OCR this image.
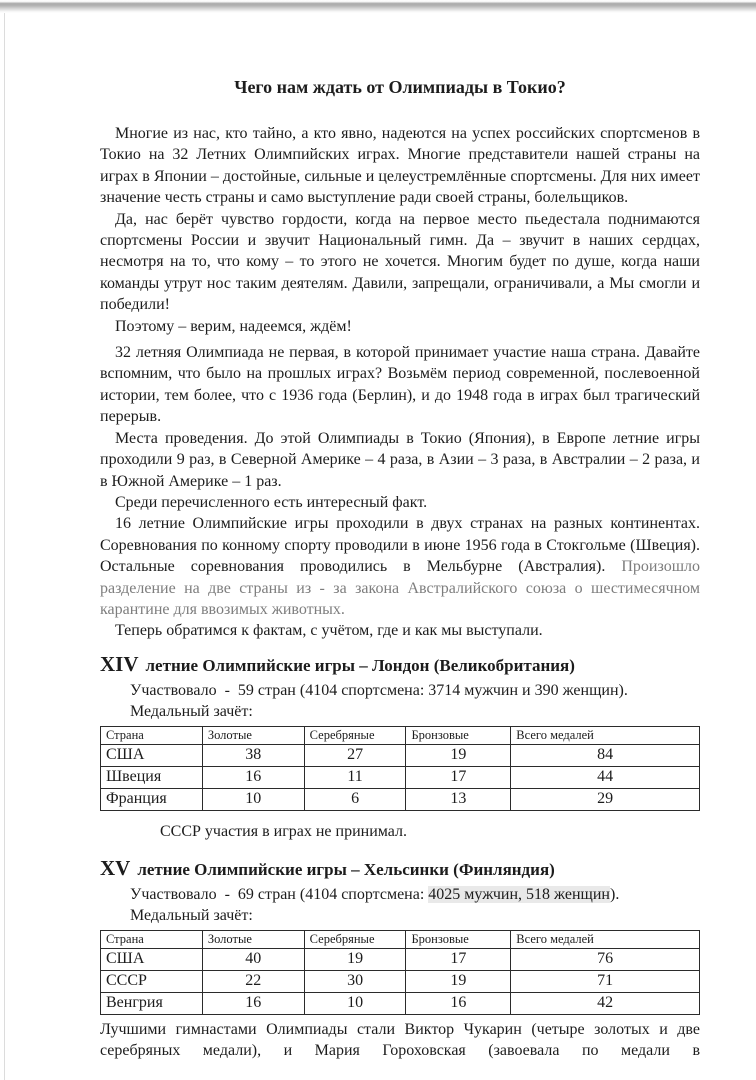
Чего нам ждать от Олимпиады в Токио?

Многие из нас, кто тайно, а кто явно, надеются на успех российских спортсменов в Токио на 32 Летних Олимпийских играх. Многие представители нашей страны на играх в Японии – достойные, сильные и целеустремлённые спортсмены. Для них имеет значение честь страны и само выступление ради своей страны, болельщиков.

Да, нас берёт чувство гордости, когда на первое место пьедестала поднимаются спортсмены России и звучит Национальный гимн. Да – звучит в наших сердцах, несмотря на то, что кому – то этого не хочется. Многим будет по душе, когда наши команды утрут нос таким деятелям. Давили, запрещали, ограничивали, а Мы смогли и победили!

Поэтому – верим, надеемся, ждём!

32 летняя Олимпиада не первая, в которой принимает участие наша страна. Давайте вспомним, что было на прошлых играх? Возьмём период современной, послевоенной истории, тем более, что с 1936 года (Берлин), и до 1948 года в играх был трагический перерыв.

Места проведения. До этой Олимпиады в Токио (Япония), в Европе летние игры проходили 9 раз, в Северной Америке – 4 раза, в Азии – 3 раза, в Австралии – 2 раза, и в Южной Америке – 1 раз.

Среди перечисленного есть интересный факт.

16 летние Олимпийские игры проходили в двух странах на разных континентах. Соревнования по конному спорту проводили в июне 1956 года в Стокгольме (Швеция). Остальные соревнования проводились в Мельбурне (Австралия). Произошло разделение на две страны из - за закона Австралийского союза о шестимесячном карантине для ввозимых животных.

Теперь обратимся к фактам, с учётом, где и как мы выступали.

XIV летние Олимпийские игры – Лондон (Великобритания)

Участвовало  -  59 стран (4104 спортсмена: 3714 мужчин и 390 женщин).

Медальный зачёт:

Страна	Золотые	Серебряные	Бронзовые	Всего медалей
США	38	27	19	84
Швеция	16	11	17	44
Франция	10	6	13	29

СССР участия в играх не принимал.

XV летние Олимпийские игры – Хельсинки (Финляндия)

Участвовало  -  69 стран (4104 спортсмена: 4025 мужчин, 518 женщин).

Медальный зачёт:

Страна	Золотые	Серебряные	Бронзовые	Всего медалей
США	40	19	17	76
СССР	22	30	19	71
Венгрия	16	10	16	42

Лучшими гимнастами Олимпиады стали Виктор Чукарин (четыре золотых и две серебряных медали), и Мария Гороховская (завоевала по медали в
